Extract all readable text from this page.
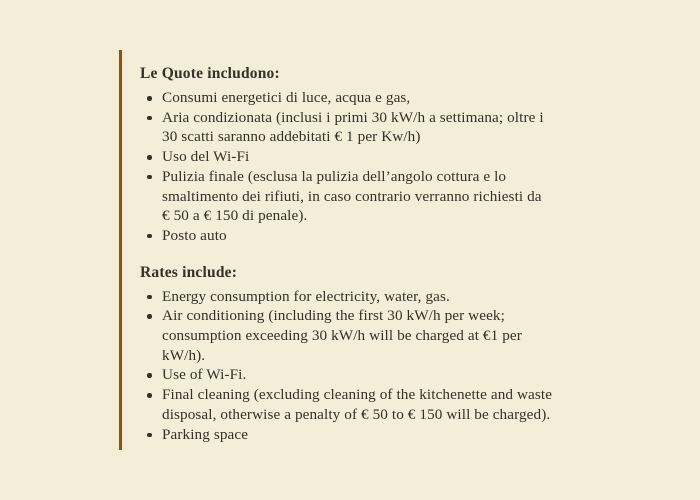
Le Quote includono:
Consumi energetici di luce, acqua e gas,
Aria condizionata (inclusi i primi 30 kW/h a settimana; oltre i
30 scatti saranno addebitati € 1 per Kw/h)
Uso del Wi-Fi
Pulizia finale (esclusa la pulizia dell’angolo cottura e lo
smaltimento dei rifiuti, in caso contrario verranno richiesti da
€ 50 a € 150 di penale).
Posto auto
Rates include:
Energy consumption for electricity, water, gas.
Air conditioning (including the first 30 kW/h per week;
consumption exceeding 30 kW/h will be charged at €1 per
kW/h).
Use of Wi-Fi.
Final cleaning (excluding cleaning of the kitchenette and waste
disposal, otherwise a penalty of € 50 to € 150 will be charged).
Parking space
